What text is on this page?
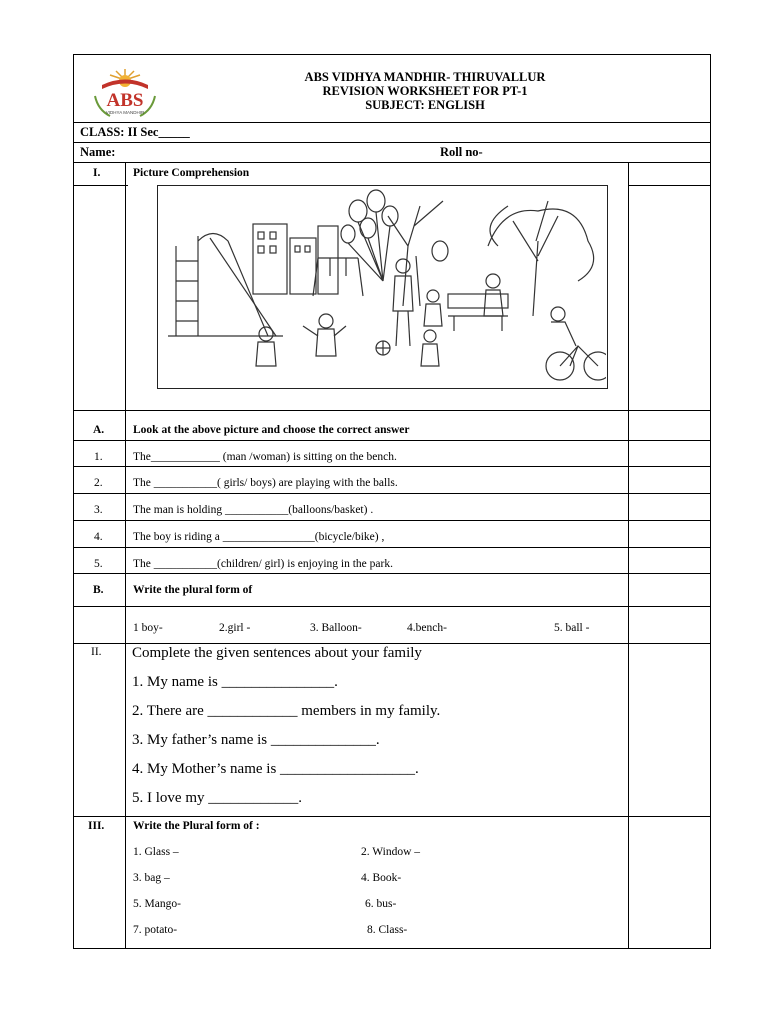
ABS
VIDHYA MANDHIR
ABS VIDHYA MANDHIR- THIRUVALLUR
REVISION WORKSHEET FOR PT-1
SUBJECT: ENGLISH
CLASS: II Sec_____
Name:	Roll no-
I.	Picture Comprehension
A.	Look at the above picture and choose the correct answer
1.	The____________ (man /woman) is sitting on the bench.
2.	The ___________( girls/ boys) are playing with the balls.
3.	The man is holding ___________(balloons/basket) .
4.	The boy is riding a ________________(bicycle/bike) ,
5.	The ___________(children/ girl) is enjoying in the park.
B.	Write the plural form of
1 boy-	2.girl -	3. Balloon-	4.bench-	5. ball -
II. Complete the given sentences about your family
1. My name is _______________.
2. There are ____________ members in my family.
3. My father’s name is ______________.
4. My Mother’s name is __________________.
5. I love my ____________.
III. Write the Plural form of :
1. Glass –	2. Window –
3. bag –	4. Book-
5. Mango-	6. bus-
7. potato-	8. Class-
